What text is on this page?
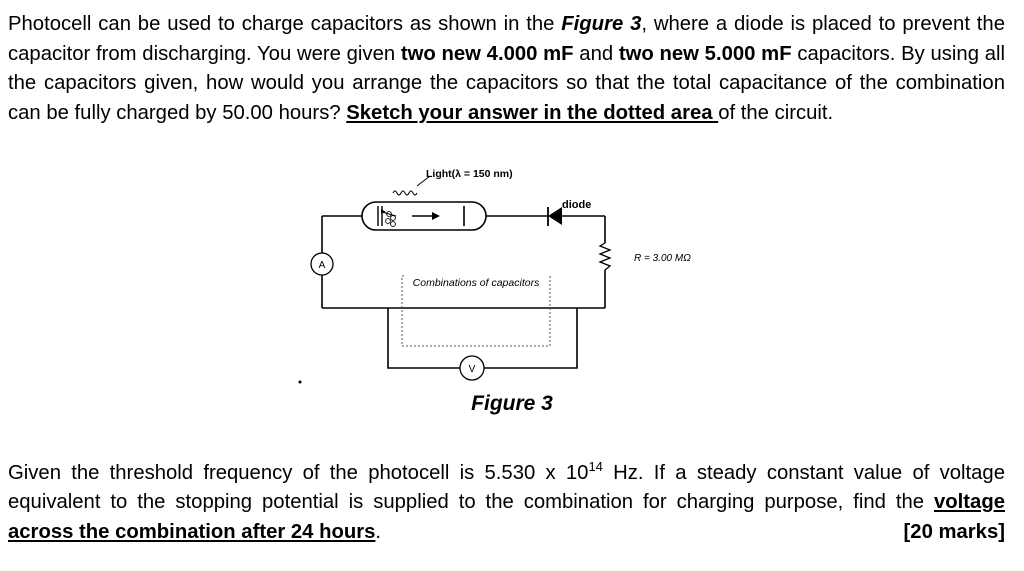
Photocell can be used to charge capacitors as shown in the Figure 3, where a diode is placed to prevent the capacitor from discharging. You were given two new 4.000 mF and two new 5.000 mF capacitors. By using all the capacitors given, how would you arrange the capacitors so that the total capacitance of the combination can be fully charged by 50.00 hours? Sketch your answer in the dotted area of the circuit.
Combinations of capacitors
Light(λ = 150 nm)
diode
R = 3.00 MΩ
A
V
Figure 3
Given the threshold frequency of the photocell is 5.530 x $10^{14}$ Hz. If a steady constant value of voltage equivalent to the stopping potential is supplied to the combination for charging purpose, find the voltage across the combination after 24 hours.	[20 marks]
